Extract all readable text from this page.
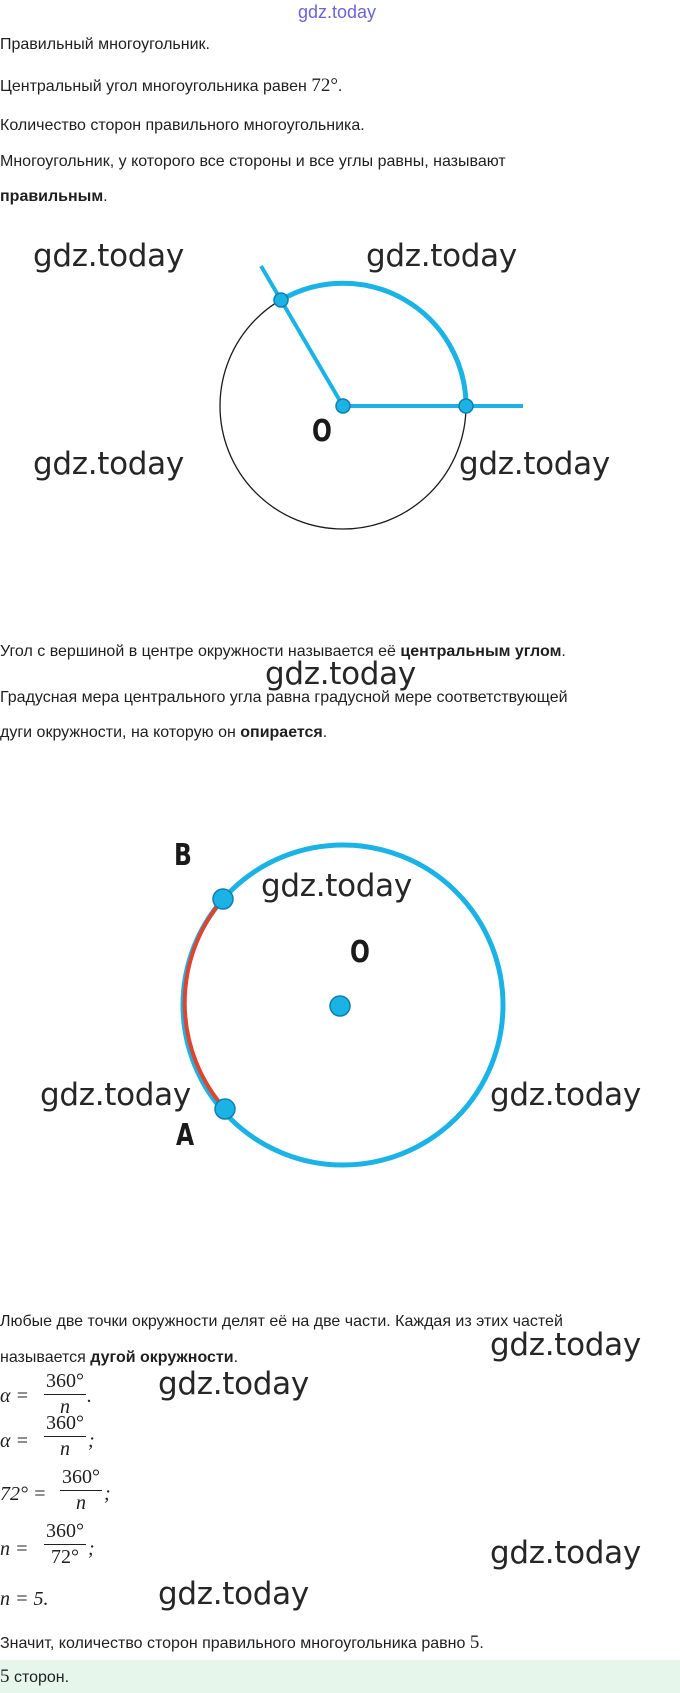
gdz.today
Правильный многоугольник.
Центральный угол многоугольника равен 72°.
Количество сторон правильного многоугольника.
Многоугольник, у которого все стороны и все углы равны, называют
правильным.
O
gdz.today	gdz.today
gdz.today	gdz.today
Угол с вершиной в центре окружности называется её центральным углом.
gdz.today
Градусная мера центрального угла равна градусной мере соответствующей
дуги окружности, на которую он опирается.
B
O
A
gdz.today
gdz.today	gdz.today
Любые две точки окружности делят её на две части. Каждая из этих частей
gdz.today
называется дугой окружности.
α =
360°
n . gdz.today
α =
360°
n ;
72° =
360°
n ;
n =
360°
72° ;	gdz.today
n = 5.	gdz.today
Значит, количество сторон правильного многоугольника равно 5.
5 сторон.
